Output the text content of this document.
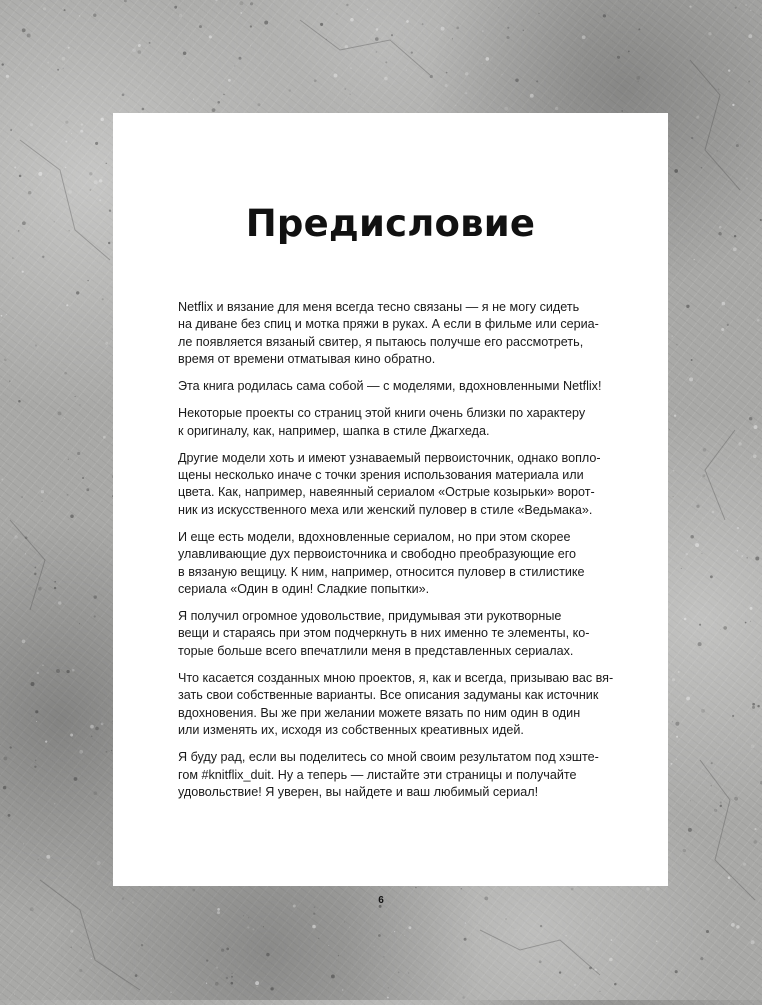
Предисловие

Netflix и вязание для меня всегда тесно связаны — я не могу сидеть
на диване без спиц и мотка пряжи в руках. А если в фильме или сериа-
ле появляется вязаный свитер, я пытаюсь получше его рассмотреть,
время от времени отматывая кино обратно.

Эта книга родилась сама собой — с моделями, вдохновленными Netflix!

Некоторые проекты со страниц этой книги очень близки по характеру
к оригиналу, как, например, шапка в стиле Джагхеда.

Другие модели хоть и имеют узнаваемый первоисточник, однако вопло-
щены несколько иначе с точки зрения использования материала или
цвета. Как, например, навеянный сериалом «Острые козырьки» ворот-
ник из искусственного меха или женский пуловер в стиле «Ведьмака».

И еще есть модели, вдохновленные сериалом, но при этом скорее
улавливающие дух первоисточника и свободно преобразующие его
в вязаную вещицу. К ним, например, относится пуловер в стилистике
сериала «Один в один! Сладкие попытки».

Я получил огромное удовольствие, придумывая эти рукотворные
вещи и стараясь при этом подчеркнуть в них именно те элементы, ко-
торые больше всего впечатлили меня в представленных сериалах.

Что касается созданных мною проектов, я, как и всегда, призываю вас вя-
зать свои собственные варианты. Все описания задуманы как источник
вдохновения. Вы же при желании можете вязать по ним один в один
или изменять их, исходя из собственных креативных идей.

Я буду рад, если вы поделитесь со мной своим результатом под хэште-
гом #knitflix_duit. Ну а теперь — листайте эти страницы и получайте
удовольствие! Я уверен, вы найдете и ваш любимый сериал!

6
